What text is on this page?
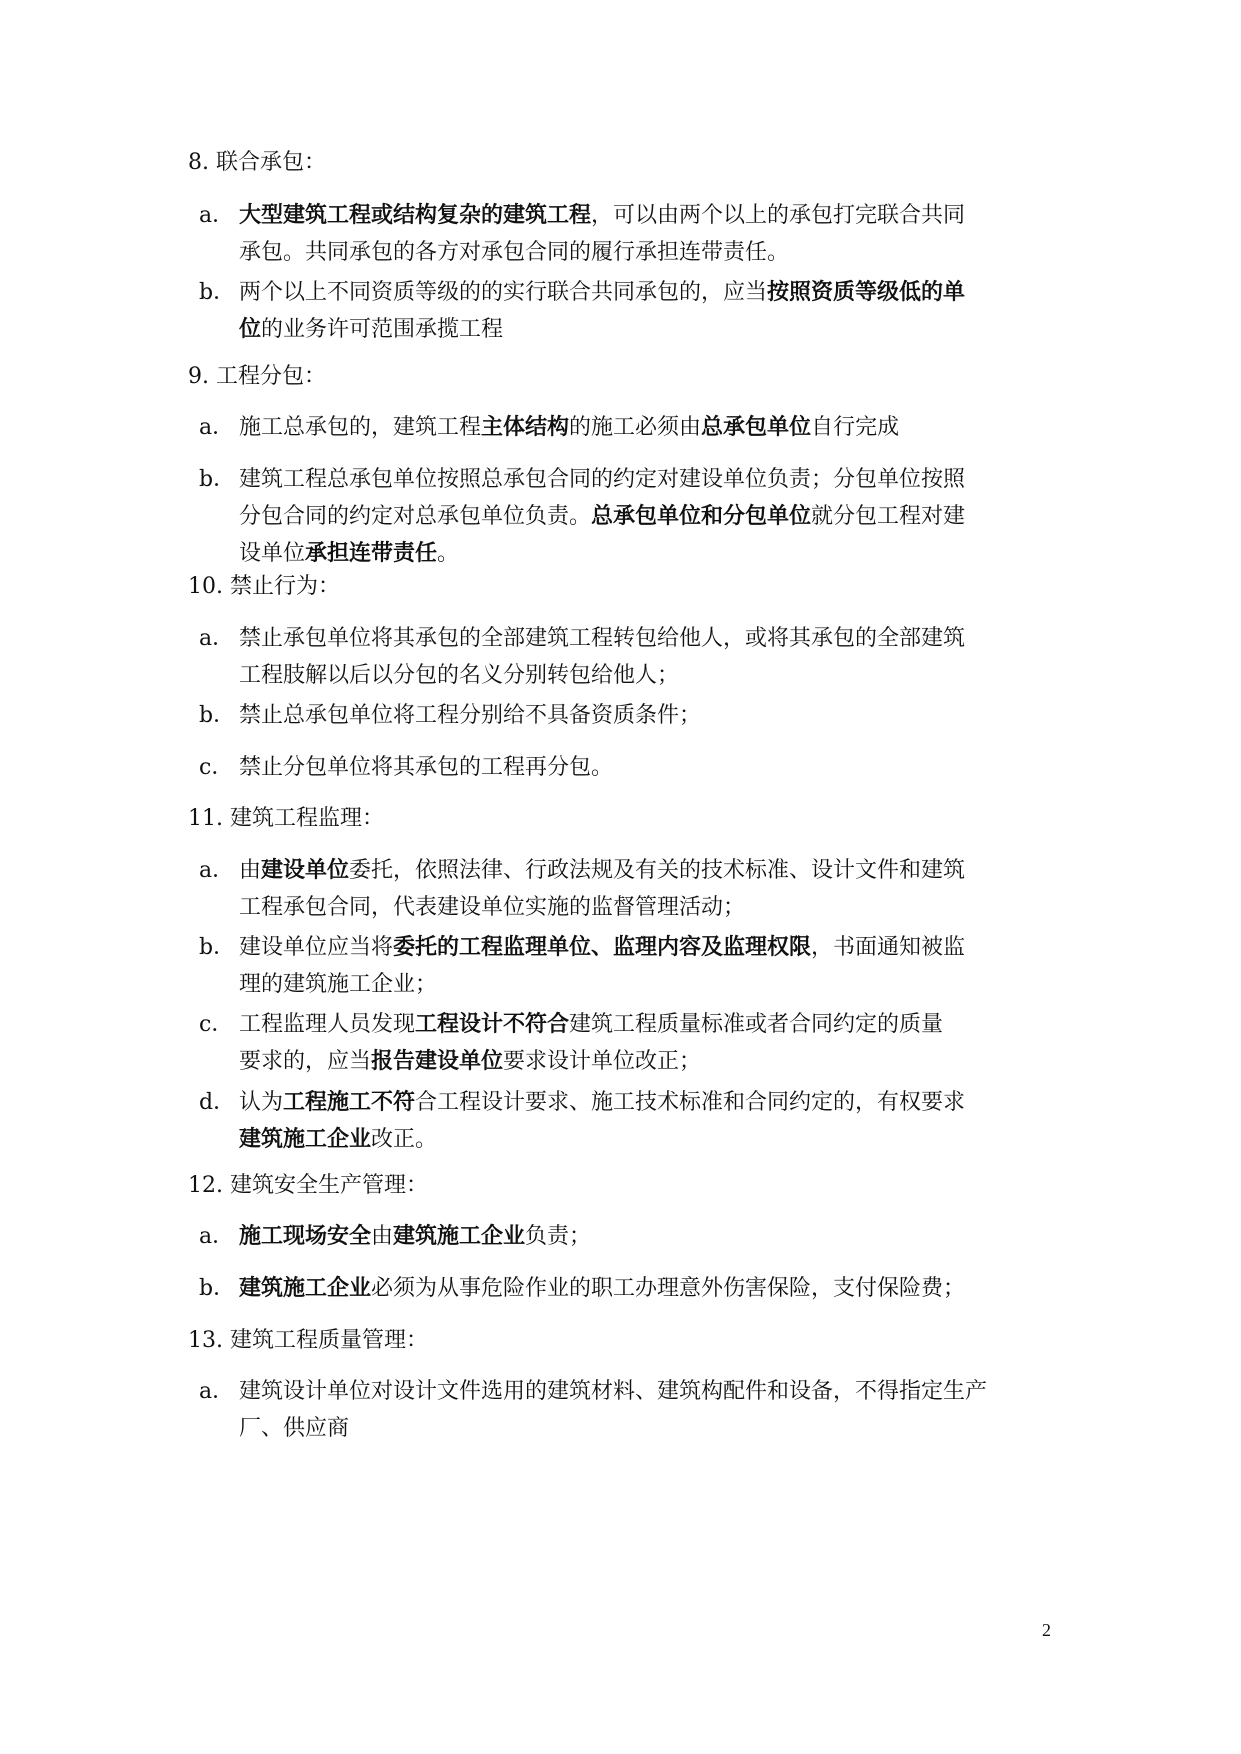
8. 联合承包：
a． 大型建筑工程或结构复杂的建筑工程，可以由两个以上的承包打完联合共同
承包。共同承包的各方对承包合同的履行承担连带责任。
b． 两个以上不同资质等级的的实行联合共同承包的，应当按照资质等级低的单
位的业务许可范围承揽工程
9. 工程分包：
a． 施工总承包的，建筑工程主体结构的施工必须由总承包单位自行完成
b． 建筑工程总承包单位按照总承包合同的约定对建设单位负责；分包单位按照
分包合同的约定对总承包单位负责。总承包单位和分包单位就分包工程对建
设单位承担连带责任。
10. 禁止行为：
a． 禁止承包单位将其承包的全部建筑工程转包给他人，或将其承包的全部建筑
工程肢解以后以分包的名义分别转包给他人；
b． 禁止总承包单位将工程分别给不具备资质条件；
c． 禁止分包单位将其承包的工程再分包。
11. 建筑工程监理：
a． 由建设单位委托，依照法律、行政法规及有关的技术标准、设计文件和建筑
工程承包合同，代表建设单位实施的监督管理活动；
b． 建设单位应当将委托的工程监理单位、监理内容及监理权限，书面通知被监
理的建筑施工企业；
c． 工程监理人员发现工程设计不符合建筑工程质量标准或者合同约定的质量
要求的，应当报告建设单位要求设计单位改正；
d． 认为工程施工不符合工程设计要求、施工技术标准和合同约定的，有权要求
建筑施工企业改正。
12. 建筑安全生产管理：
a． 施工现场安全由建筑施工企业负责；
b． 建筑施工企业必须为从事危险作业的职工办理意外伤害保险，支付保险费；
13. 建筑工程质量管理：
a． 建筑设计单位对设计文件选用的建筑材料、建筑构配件和设备，不得指定生产
厂、供应商
2
